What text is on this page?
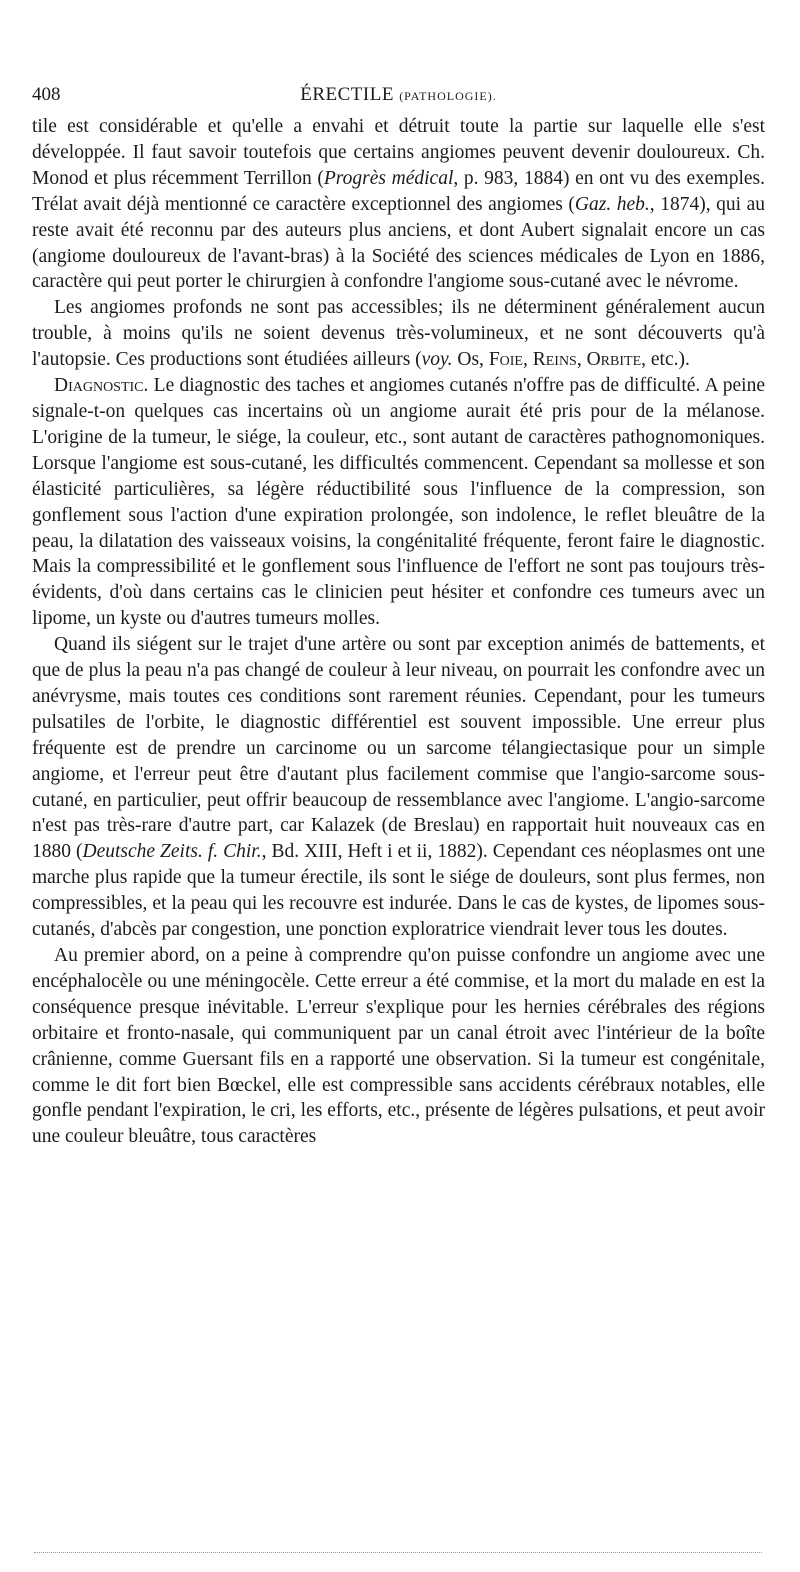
408	ÉRECTILE (PATHOLOGIE).

tile est considérable et qu'elle a envahi et détruit toute la partie sur laquelle elle s'est développée. Il faut savoir toutefois que certains angiomes peuvent devenir douloureux. Ch. Monod et plus récemment Terrillon (Progrès médical, p. 983, 1884) en ont vu des exemples. Trélat avait déjà mentionné ce caractère exceptionnel des angiomes (Gaz. heb., 1874), qui au reste avait été reconnu par des auteurs plus anciens, et dont Aubert signalait encore un cas (angiome douloureux de l'avant-bras) à la Société des sciences médicales de Lyon en 1886, caractère qui peut porter le chirurgien à confondre l'angiome sous-cutané avec le névrome.

Les angiomes profonds ne sont pas accessibles; ils ne déterminent généralement aucun trouble, à moins qu'ils ne soient devenus très-volumineux, et ne sont découverts qu'à l'autopsie. Ces productions sont étudiées ailleurs (voy. Os, Foie, Reins, Orbite, etc.).

Diagnostic. Le diagnostic des taches et angiomes cutanés n'offre pas de difficulté. A peine signale-t-on quelques cas incertains où un angiome aurait été pris pour de la mélanose. L'origine de la tumeur, le siége, la couleur, etc., sont autant de caractères pathognomoniques. Lorsque l'angiome est sous-cutané, les difficultés commencent. Cependant sa mollesse et son élasticité particulières, sa légère réductibilité sous l'influence de la compression, son gonflement sous l'action d'une expiration prolongée, son indolence, le reflet bleuâtre de la peau, la dilatation des vaisseaux voisins, la congénitalité fréquente, feront faire le diagnostic. Mais la compressibilité et le gonflement sous l'influence de l'effort ne sont pas toujours très-évidents, d'où dans certains cas le clinicien peut hésiter et confondre ces tumeurs avec un lipome, un kyste ou d'autres tumeurs molles.

Quand ils siégent sur le trajet d'une artère ou sont par exception animés de battements, et que de plus la peau n'a pas changé de couleur à leur niveau, on pourrait les confondre avec un anévrysme, mais toutes ces conditions sont rarement réunies. Cependant, pour les tumeurs pulsatiles de l'orbite, le diagnostic différentiel est souvent impossible. Une erreur plus fréquente est de prendre un carcinome ou un sarcome télangiectasique pour un simple angiome, et l'erreur peut être d'autant plus facilement commise que l'angio-sarcome sous-cutané, en particulier, peut offrir beaucoup de ressemblance avec l'angiome. L'angio-sarcome n'est pas très-rare d'autre part, car Kalazek (de Breslau) en rapportait huit nouveaux cas en 1880 (Deutsche Zeits. f. Chir., Bd. XIII, Heft i et ii, 1882). Cependant ces néoplasmes ont une marche plus rapide que la tumeur érectile, ils sont le siége de douleurs, sont plus fermes, non compressibles, et la peau qui les recouvre est indurée. Dans le cas de kystes, de lipomes sous-cutanés, d'abcès par congestion, une ponction exploratrice viendrait lever tous les doutes.

Au premier abord, on a peine à comprendre qu'on puisse confondre un angiome avec une encéphalocèle ou une méningocèle. Cette erreur a été commise, et la mort du malade en est la conséquence presque inévitable. L'erreur s'explique pour les hernies cérébrales des régions orbitaire et fronto-nasale, qui communiquent par un canal étroit avec l'intérieur de la boîte crânienne, comme Guersant fils en a rapporté une observation. Si la tumeur est congénitale, comme le dit fort bien Bœckel, elle est compressible sans accidents cérébraux notables, elle gonfle pendant l'expiration, le cri, les efforts, etc., présente de légères pulsations, et peut avoir une couleur bleuâtre, tous caractères
